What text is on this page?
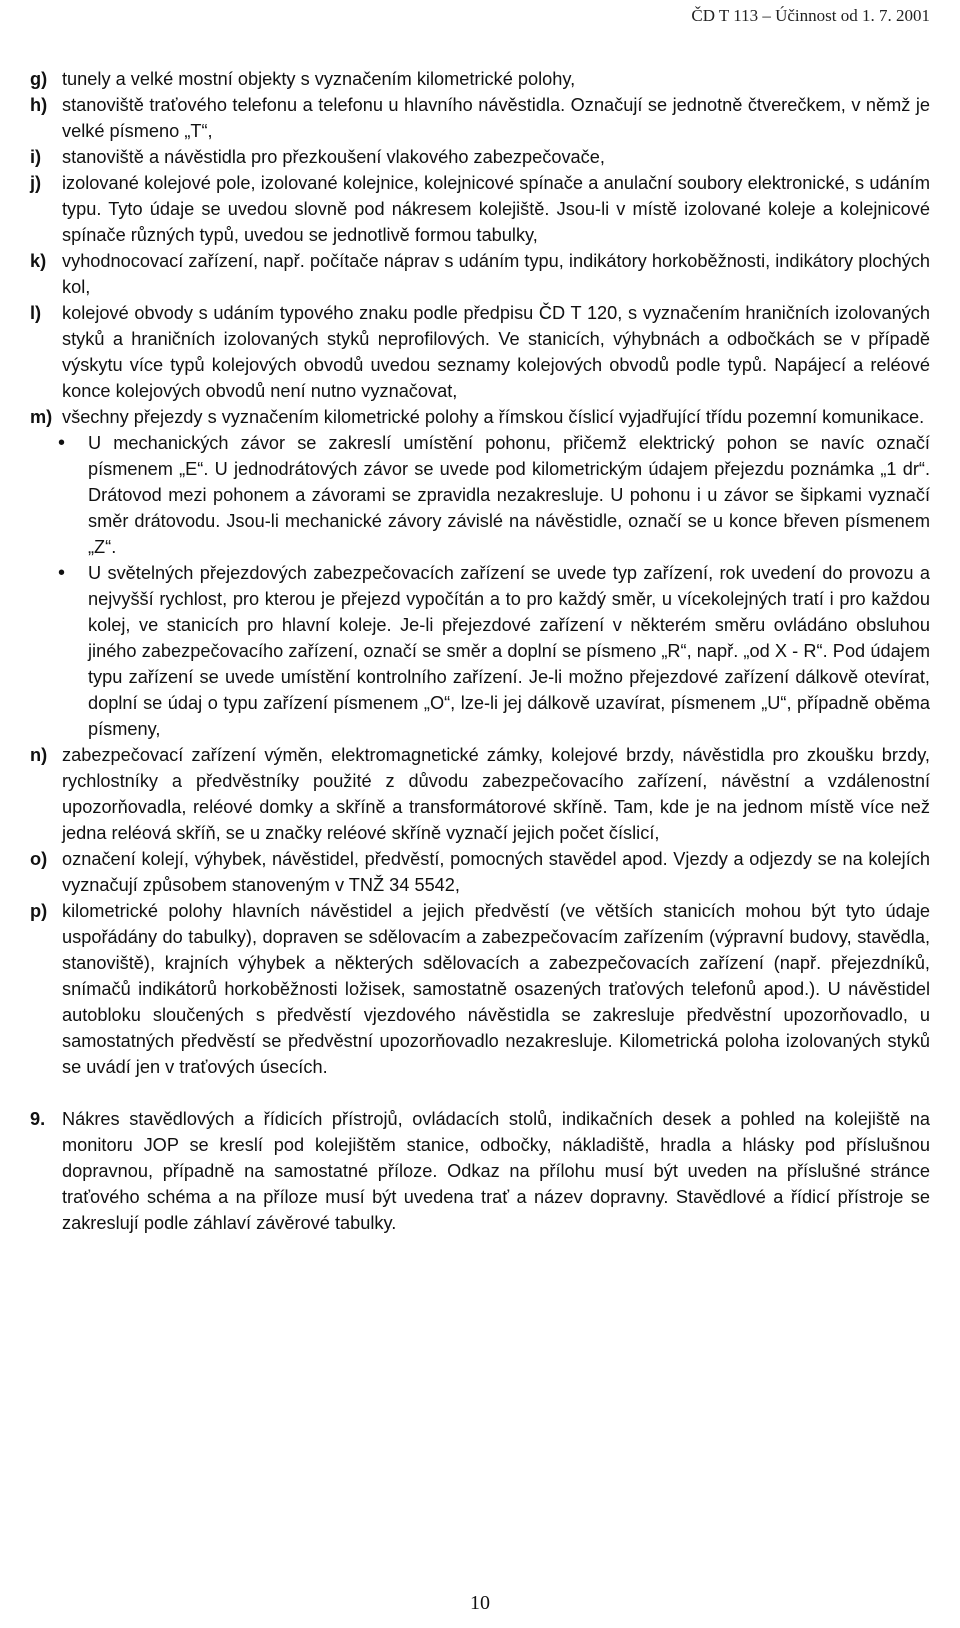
ČD T 113 – Účinnost od 1. 7. 2001
g) tunely a velké mostní objekty s vyznačením kilometrické polohy,
h) stanoviště traťového telefonu a telefonu u hlavního návěstidla. Označují se jednotně čtverečkem, v němž je velké písmeno „T“,
i)	stanoviště a návěstidla pro přezkoušení vlakového zabezpečovače,
j)	izolované kolejové pole, izolované kolejnice, kolejnicové spínače a anulační soubory elektronické, s udáním typu. Tyto údaje se uvedou slovně pod nákresem kolejiště. Jsou-li v místě izolované koleje a kolejnicové spínače různých typů, uvedou se jednotlivě formou tabulky,
k) vyhodnocovací zařízení, např. počítače náprav s udáním typu, indikátory horkoběžnosti, indikátory plochých kol,
l)	kolejové obvody s udáním typového znaku podle předpisu ČD T 120, s vyznačením hraničních izolovaných styků a hraničních izolovaných styků neprofilových. Ve stanicích, výhybnách a odbočkách se v případě výskytu více typů kolejových obvodů uvedou seznamy kolejových obvodů podle typů. Napájecí a reléové konce kolejových obvodů není nutno vyznačovat,
m) všechny přejezdy s vyznačením kilometrické polohy a římskou číslicí vyjadřující třídu pozemní komunikace.
•	U mechanických závor se zakreslí umístění pohonu, přičemž elektrický pohon se navíc označí písmenem „E“. U jednodrátových závor se uvede pod kilometrickým údajem přejezdu poznámka „1 dr“. Drátovod mezi pohonem a závorami se zpravidla nezakresluje. U pohonu i u závor se šipkami vyznačí směr drátovodu. Jsou-li mechanické závory závislé na návěstidle, označí se u konce břeven písmenem „Z“.
•	U světelných přejezdových zabezpečovacích zařízení se uvede typ zařízení, rok uvedení do provozu a nejvyšší rychlost, pro kterou je přejezd vypočítán a to pro každý směr, u vícekolejných tratí i pro každou kolej, ve stanicích pro hlavní koleje. Je-li přejezdové zařízení v některém směru ovládáno obsluhou jiného zabezpečovacího zařízení, označí se směr a doplní se písmeno „R“, např. „od X - R“. Pod údajem typu zařízení se uvede umístění kontrolního zařízení. Je-li možno přejezdové zařízení dálkově otevírat, doplní se údaj o typu zařízení písmenem „O“, lze-li jej dálkově uzavírat, písmenem „U“, případně oběma písmeny,
n) zabezpečovací zařízení výměn, elektromagnetické zámky, kolejové brzdy, návěstidla pro zkoušku brzdy, rychlostníky a předvěstníky použité z důvodu zabezpečovacího zařízení, návěstní a vzdálenostní upozorňovadla, reléové domky a skříně a transformátorové skříně. Tam, kde je na jednom místě více než jedna reléová skříň, se u značky reléové skříně vyznačí jejich počet číslicí,
o) označení kolejí, výhybek, návěstidel, předvěstí, pomocných stavědel apod. Vjezdy a odjezdy se na kolejích vyznačují způsobem stanoveným v TNŽ 34 5542,
p) kilometrické polohy hlavních návěstidel a jejich předvěstí (ve větších stanicích mohou být tyto údaje uspořádány do tabulky), dopraven se sdělovacím a zabezpečovacím zařízením (výpravní budovy, stavědla, stanoviště), krajních výhybek a některých sdělovacích a zabezpečovacích zařízení (např. přejezdníků, snímačů indikátorů horkoběžnosti ložisek, samostatně osazených traťových telefonů apod.). U návěstidel autobloku sloučených s předvěstí vjezdového návěstidla se zakresluje předvěstní upozorňovadlo, u samostatných předvěstí se předvěstní upozorňovadlo nezakresluje. Kilometrická poloha izolovaných styků se uvádí jen v traťových úsecích.
9. Nákres stavědlových a řídicích přístrojů, ovládacích stolů, indikačních desek a pohled na kolejiště na monitoru JOP se kreslí pod kolejištěm stanice, odbočky, nákladiště, hradla a hlásky pod příslušnou dopravnou, případně na samostatné příloze. Odkaz na přílohu musí být uveden na příslušné stránce traťového schéma a na příloze musí být uvedena trať a název dopravny. Stavědlové a řídicí přístroje se zakreslují podle záhlaví závěrové tabulky.
10
